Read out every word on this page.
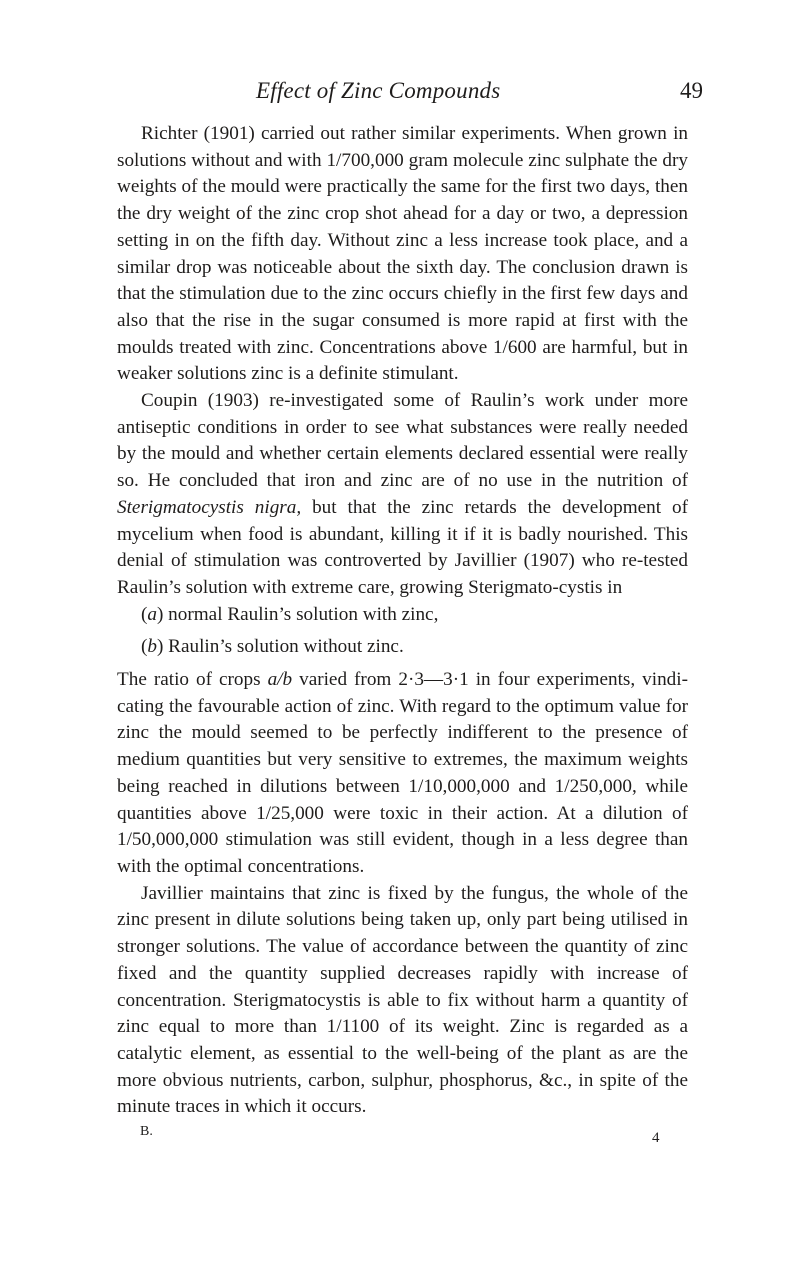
Effect of Zinc Compounds	49

Richter (1901) carried out rather similar experiments. When grown in solutions without and with 1/700,000 gram molecule zinc sulphate the dry weights of the mould were practically the same for the first two days, then the dry weight of the zinc crop shot ahead for a day or two, a depression setting in on the fifth day. Without zinc a less increase took place, and a similar drop was noticeable about the sixth day. The conclusion drawn is that the stimulation due to the zinc occurs chiefly in the first few days and also that the rise in the sugar consumed is more rapid at first with the moulds treated with zinc. Concentrations above 1/600 are harmful, but in weaker solutions zinc is a definite stimulant.

Coupin (1903) re-investigated some of Raulin’s work under more antiseptic conditions in order to see what substances were really needed by the mould and whether certain elements declared essential were really so. He concluded that iron and zinc are of no use in the nutrition of Sterigmatocystis nigra, but that the zinc retards the development of mycelium when food is abundant, killing it if it is badly nourished. This denial of stimulation was controverted by Javillier (1907) who re-tested Raulin’s solution with extreme care, growing Sterigmato-cystis in

(a) normal Raulin’s solution with zinc,

(b) Raulin’s solution without zinc.

The ratio of crops a/b varied from 2·3—3·1 in four experiments, vindi-cating the favourable action of zinc. With regard to the optimum value for zinc the mould seemed to be perfectly indifferent to the presence of medium quantities but very sensitive to extremes, the maximum weights being reached in dilutions between 1/10,000,000 and 1/250,000, while quantities above 1/25,000 were toxic in their action. At a dilution of 1/50,000,000 stimulation was still evident, though in a less degree than with the optimal concentrations.

Javillier maintains that zinc is fixed by the fungus, the whole of the zinc present in dilute solutions being taken up, only part being utilised in stronger solutions. The value of accordance between the quantity of zinc fixed and the quantity supplied decreases rapidly with increase of concentration. Sterigmatocystis is able to fix without harm a quantity of zinc equal to more than 1/1100 of its weight. Zinc is regarded as a catalytic element, as essential to the well-being of the plant as are the more obvious nutrients, carbon, sulphur, phosphorus, &c., in spite of the minute traces in which it occurs.

B.	4
